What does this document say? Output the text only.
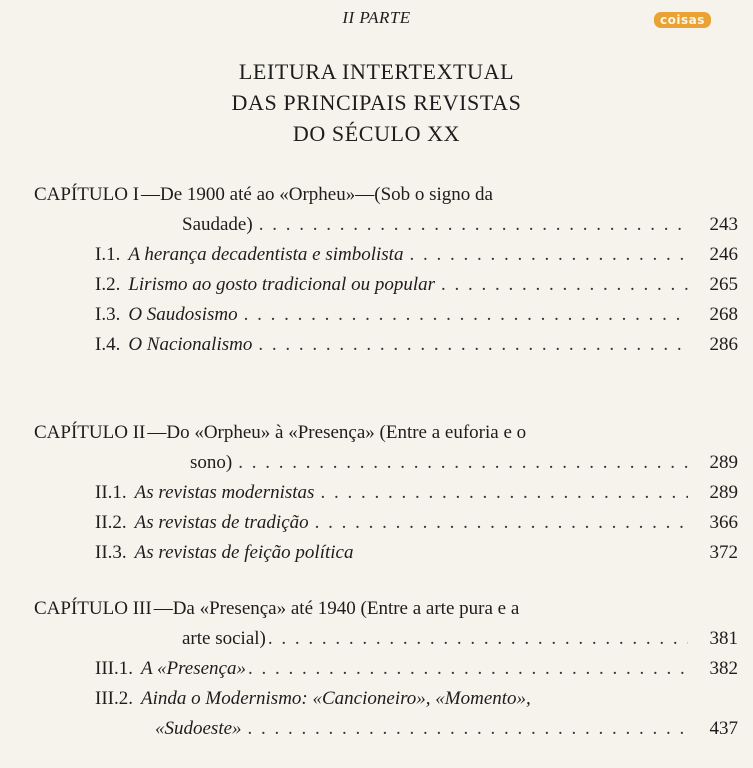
II PARTE	coisas
LEITURA INTERTEXTUAL
DAS PRINCIPAIS REVISTAS
DO SÉCULO XX
CAPÍTULO I —De 1900 até ao «Orpheu»—(Sob o signo da
Saudade) . . .	243
I.1. A herança decadentista e simbolista . . .	246
I.2. Lirismo ao gosto tradicional ou popular . . .	265
I.3. O Saudosismo . . .	268
I.4. O Nacionalismo . . .	286
CAPÍTULO II —Do «Orpheu» à «Presença» (Entre a euforia e o
sono) . . .	289
II.1. As revistas modernistas . . .	289
II.2. As revistas de tradição . . .	366
II.3. As revistas de feição política	372
CAPÍTULO III —Da «Presença» até 1940 (Entre a arte pura e a
arte social) . . .	381
III.1. A «Presença» . . .	382
III.2. Ainda o Modernismo: «Cancioneiro», «Momento»,
«Sudoeste» . . .	437
